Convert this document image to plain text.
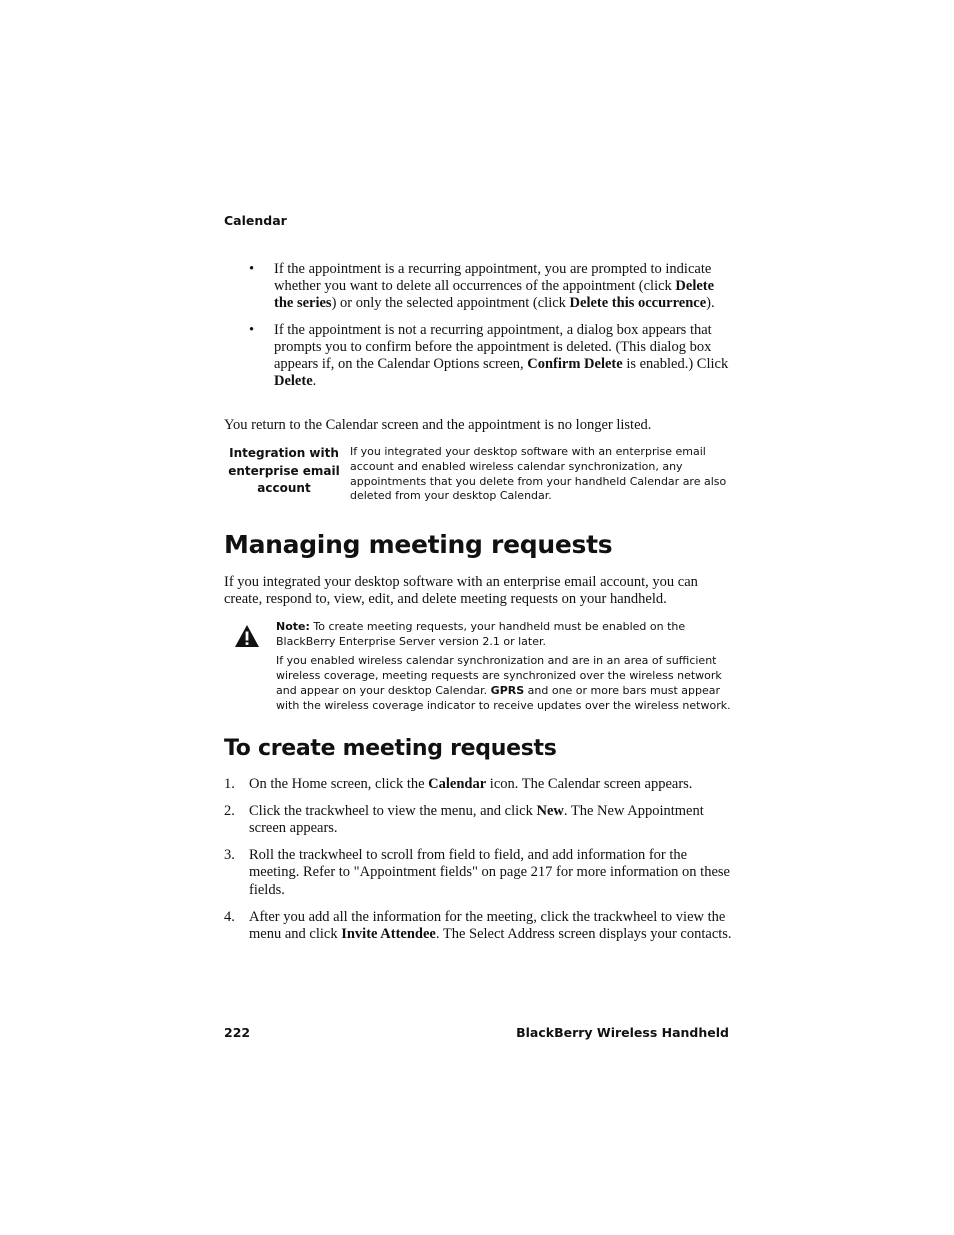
Calendar
• If the appointment is a recurring appointment, you are prompted to indicate whether you want to delete all occurrences of the appointment (click Delete the series) or only the selected appointment (click Delete this occurrence).
• If the appointment is not a recurring appointment, a dialog box appears that prompts you to confirm before the appointment is deleted. (This dialog box appears if, on the Calendar Options screen, Confirm Delete is enabled.) Click Delete.
You return to the Calendar screen and the appointment is no longer listed.
Integration with enterprise email account
If you integrated your desktop software with an enterprise email account and enabled wireless calendar synchronization, any appointments that you delete from your handheld Calendar are also deleted from your desktop Calendar.
Managing meeting requests
If you integrated your desktop software with an enterprise email account, you can create, respond to, view, edit, and delete meeting requests on your handheld.

Note: To create meeting requests, your handheld must be enabled on the BlackBerry Enterprise Server version 2.1 or later.

If you enabled wireless calendar synchronization and are in an area of sufficient wireless coverage, meeting requests are synchronized over the wireless network and appear on your desktop Calendar. GPRS and one or more bars must appear with the wireless coverage indicator to receive updates over the wireless network.

To create meeting requests
1. On the Home screen, click the Calendar icon. The Calendar screen appears.
2. Click the trackwheel to view the menu, and click New. The New Appointment screen appears.
3. Roll the trackwheel to scroll from field to field, and add information for the meeting. Refer to "Appointment fields" on page 217 for more information on these fields.
4. After you add all the information for the meeting, click the trackwheel to view the menu and click Invite Attendee. The Select Address screen displays your contacts.
222	BlackBerry Wireless Handheld
